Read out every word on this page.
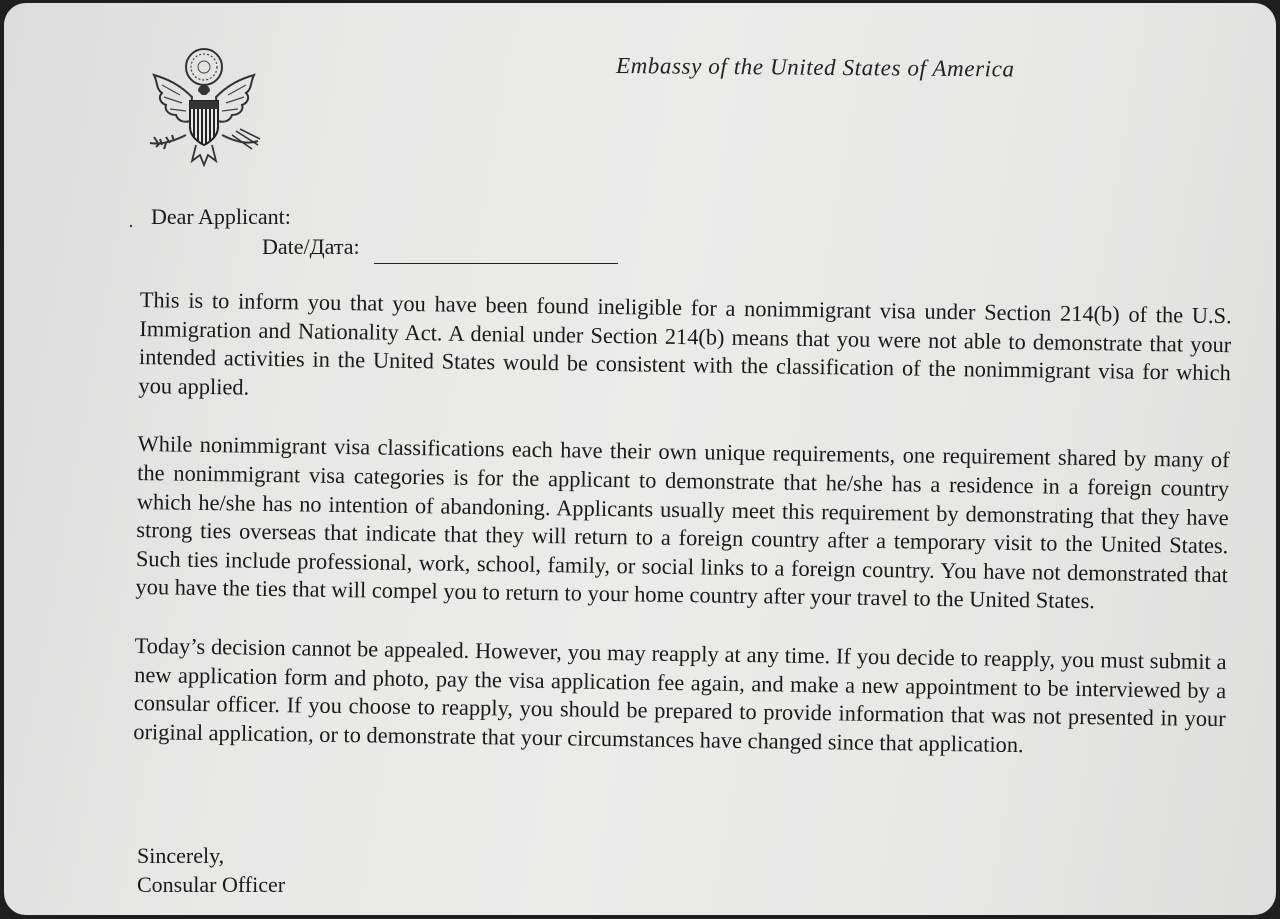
Embassy of the United States of America
· Dear Applicant:
Date/Дата:

This is to inform you that you have been found ineligible for a nonimmigrant visa under Section 214(b) of the U.S. Immigration and Nationality Act. A denial under Section 214(b) means that you were not able to demonstrate that your intended activities in the United States would be consistent with the classification of the nonimmigrant visa for which you applied.

While nonimmigrant visa classifications each have their own unique requirements, one requirement shared by many of the nonimmigrant visa categories is for the applicant to demonstrate that he/she has a residence in a foreign country which he/she has no intention of abandoning. Applicants usually meet this requirement by demonstrating that they have strong ties overseas that indicate that they will return to a foreign country after a temporary visit to the United States. Such ties include professional, work, school, family, or social links to a foreign country. You have not demonstrated that you have the ties that will compel you to return to your home country after your travel to the United States.

Today’s decision cannot be appealed. However, you may reapply at any time. If you decide to reapply, you must submit a new application form and photo, pay the visa application fee again, and make a new appointment to be interviewed by a consular officer. If you choose to reapply, you should be prepared to provide information that was not presented in your original application, or to demonstrate that your circumstances have changed since that application.

Sincerely,
Consular Officer
